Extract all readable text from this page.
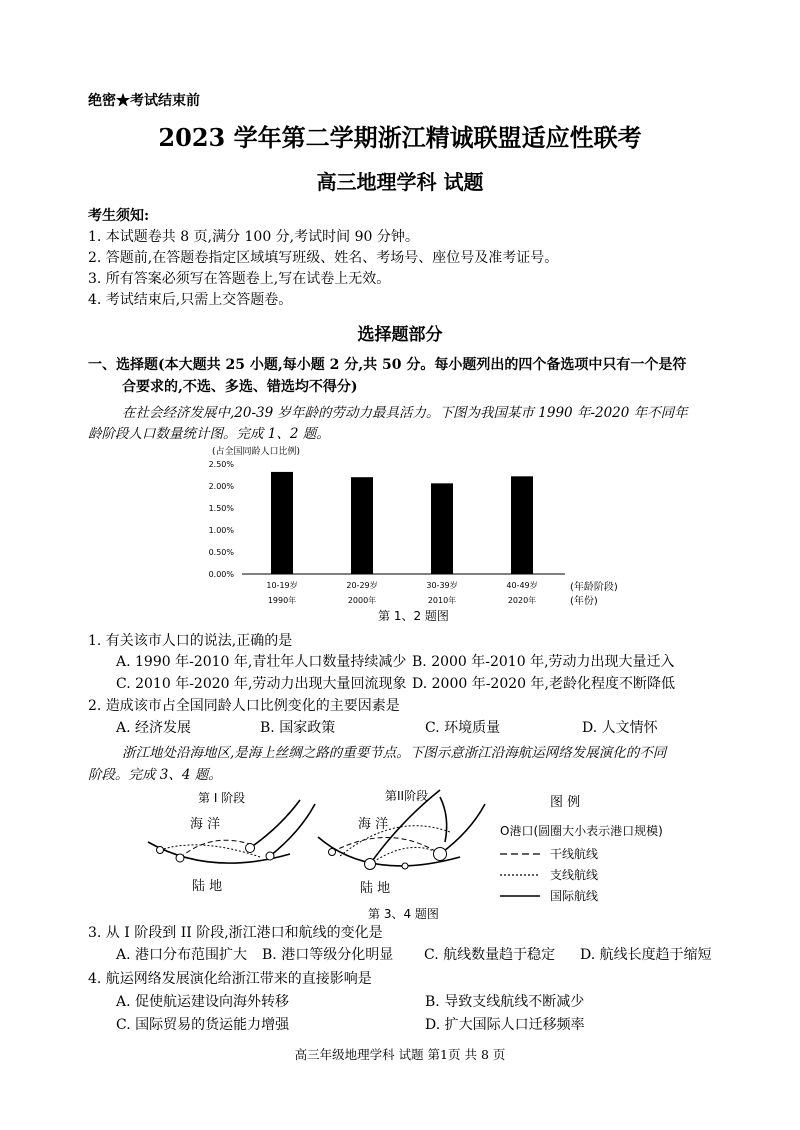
绝密★考试结束前
2023 学年第二学期浙江精诚联盟适应性联考
高三地理学科 试题
考生须知:
1. 本试题卷共 8 页,满分 100 分,考试时间 90 分钟。
2. 答题前,在答题卷指定区域填写班级、姓名、考场号、座位号及准考证号。
3. 所有答案必须写在答题卷上,写在试卷上无效。
4. 考试结束后,只需上交答题卷。
选择题部分
一、选择题(本大题共 25 小题,每小题 2 分,共 50 分。每小题列出的四个备选项中只有一个是符
合要求的,不选、多选、错选均不得分)
在社会经济发展中,20-39 岁年龄的劳动力最具活力。下图为我国某市 1990 年-2020 年不同年
龄阶段人口数量统计图。完成 1、2 题。
(占全国同龄人口比例)
0.00%
0.50%
1.00%
1.50%
2.00%
2.50%
10-19岁
1990年
20-29岁
2000年
30-39岁
2010年
40-49岁
2020年
(年龄阶段)
(年份)
第 1、2 题图
1. 有关该市人口的说法,正确的是
A. 1990 年-2010 年,青壮年人口数量持续减少 B. 2000 年-2010 年,劳动力出现大量迁入
C. 2010 年-2020 年,劳动力出现大量回流现象 D. 2000 年-2020 年,老龄化程度不断降低
2. 造成该市占全国同龄人口比例变化的主要因素是
A. 经济发展	B. 国家政策	C. 环境质量	D. 人文情怀
浙江地处沿海地区,是海上丝绸之路的重要节点。下图示意浙江沿海航运网络发展演化的不同
阶段。完成 3、4 题。
第 I 阶段
海 洋
陆 地
第II阶段
海 洋
陆 地
图 例
O港口(圆圈大小表示港口规模)
干线航线
支线航线
国际航线
第 3、4 题图
3. 从 I 阶段到 II 阶段,浙江港口和航线的变化是
A. 港口分布范围扩大 B. 港口等级分化明显 C. 航线数量趋于稳定 D. 航线长度趋于缩短
4. 航运网络发展演化给浙江带来的直接影响是
A. 促使航运建设向海外转移	B. 导致支线航线不断减少
C. 国际贸易的货运能力增强	D. 扩大国际人口迁移频率
高三年级地理学科 试题 第1页 共 8 页
